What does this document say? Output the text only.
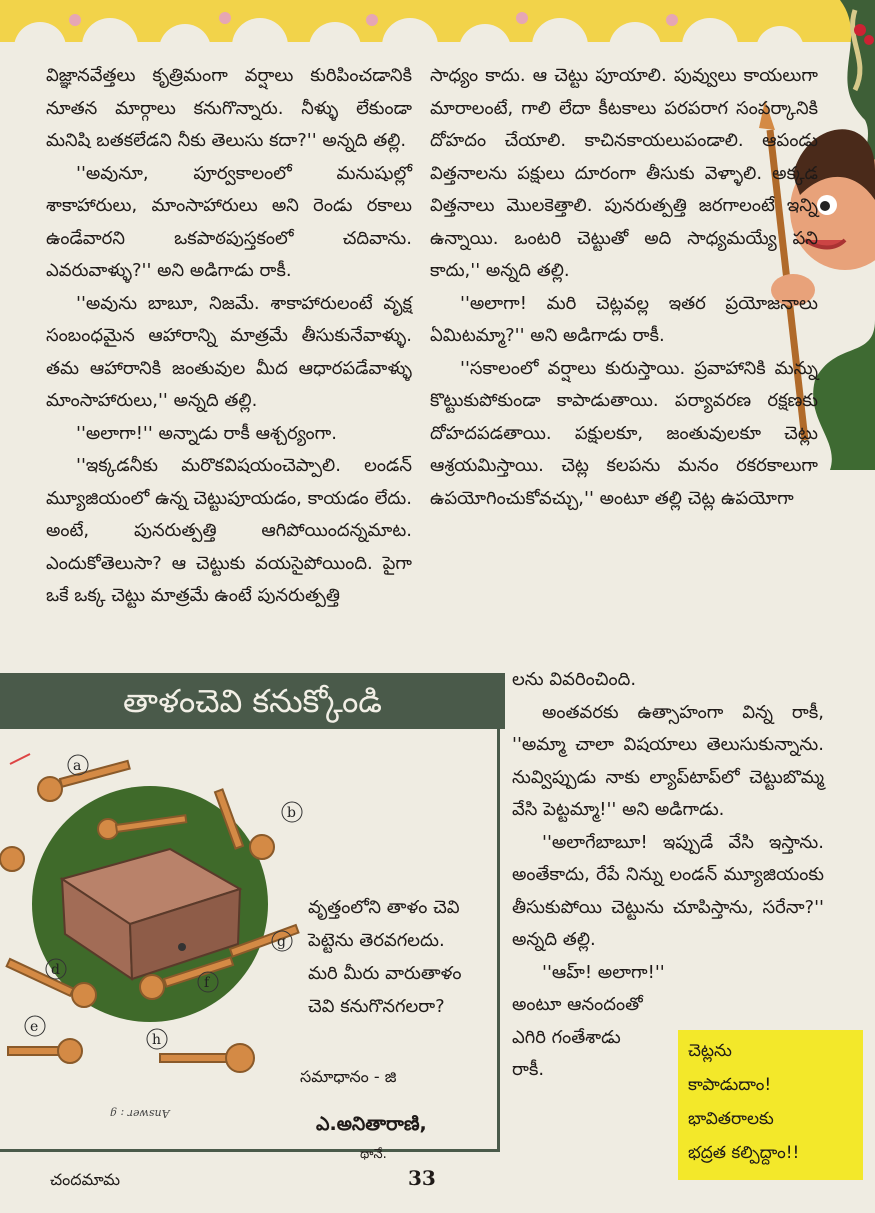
విజ్ఞానవేత్తలు కృత్రిమంగా వర్షాలు కురిపించడానికి నూతన మార్గాలు కనుగొన్నారు. నీళ్ళు లేకుండా మనిషి బతకలేడని నీకు తెలుసు కదా?'' అన్నది తల్లి.

''అవునూ, పూర్వకాలంలో మనుషుల్లో శాకాహారులు, మాంసాహారులు అని రెండు రకాలు ఉండేవారని ఒకపాఠపుస్తకంలో చదివాను. ఎవరువాళ్ళు?'' అని అడిగాడు రాకీ.

''అవును బాబూ, నిజమే. శాకాహారులంటే వృక్ష సంబంధమైన ఆహారాన్ని మాత్రమే తీసుకునేవాళ్ళు. తమ ఆహారానికి జంతువుల మీద ఆధారపడేవాళ్ళు మాంసాహారులు,'' అన్నది తల్లి.

''అలాగా!'' అన్నాడు రాకీ ఆశ్చర్యంగా.

''ఇక్కడనీకు మరొకవిషయంచెప్పాలి. లండన్ మ్యూజియంలో ఉన్న చెట్టుపూయడం, కాయడం లేదు. అంటే, పునరుత్పత్తి ఆగిపోయిందన్నమాట. ఎందుకోతెలుసా? ఆ చెట్టుకు వయసైపోయింది. పైగా ఒకే ఒక్క చెట్టు మాత్రమే ఉంటే పునరుత్పత్తి

సాధ్యం కాదు. ఆ చెట్టు పూయాలి. పువ్వులు కాయలుగా మారాలంటే, గాలి లేదా కీటకాలు పరపరాగ సంపర్కానికి దోహదం చేయాలి. కాచినకాయలుపండాలి. ఆపండు విత్తనాలను పక్షులు దూరంగా తీసుకు వెళ్ళాలి. అక్కడ విత్తనాలు మొలకెత్తాలి. పునరుత్పత్తి జరగాలంటే ఇన్ని ఉన్నాయి. ఒంటరి చెట్టుతో అది సాధ్యమయ్యే పని కాదు,'' అన్నది తల్లి.

''అలాగా! మరి చెట్లవల్ల ఇతర ప్రయోజనాలు ఏమిటమ్మా?'' అని అడిగాడు రాకీ.

''సకాలంలో వర్షాలు కురుస్తాయి. ప్రవాహానికి మన్ను కొట్టుకుపోకుండా కాపాడుతాయి. పర్యావరణ రక్షణకు దోహదపడతాయి. పక్షులకూ, జంతువులకూ చెట్లు ఆశ్రయమిస్తాయి. చెట్ల కలపను మనం రకరకాలుగా ఉపయోగించుకోవచ్చు,'' అంటూ తల్లి చెట్ల ఉపయోగా

లను వివరించింది.

అంతవరకు ఉత్సాహంగా విన్న రాకీ, ''అమ్మా చాలా విషయాలు తెలుసుకున్నాను. నువ్విప్పుడు నాకు ల్యాప్‌టాప్‌లో చెట్టుబొమ్మ వేసి పెట్టమ్మా!'' అని అడిగాడు.

''అలాగేబాబూ! ఇప్పుడే వేసి ఇస్తాను. అంతేకాదు, రేపే నిన్ను లండన్ మ్యూజియంకు తీసుకుపోయి చెట్టును చూపిస్తాను, సరేనా?'' అన్నది తల్లి.

''ఆహ్! అలాగా!''

అంటూ ఆనందంతో

ఎగిరి గంతేశాడు

రాకీ.

తాళంచెవి కనుక్కోండి
a
b
g
d
f
e
h
వృత్తంలోని తాళం చెవి పెట్టెను తెరవగలదు. మరి మీరు వారుతాళం చెవి కనుగొనగలరా?
సమాధానం - జి
ఎ.అనితారాణి,
థానే.
Answer : g
చెట్లను
కాపాడుదాం!
భావితరాలకు
భద్రత కల్పిద్దాం!!
చందమామ	33
